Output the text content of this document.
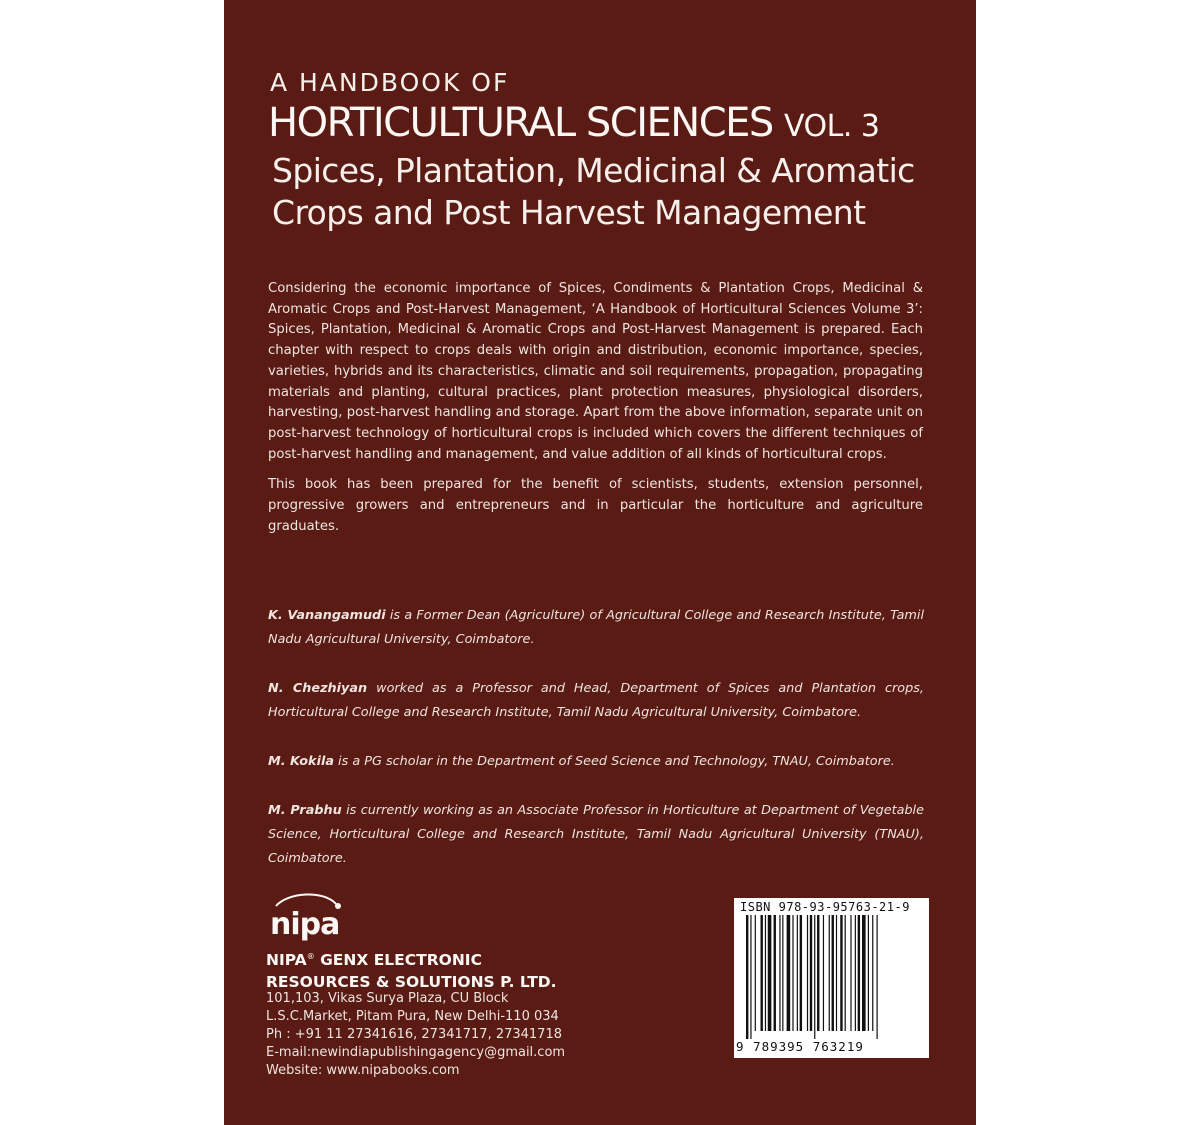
A HANDBOOK OF
HORTICULTURAL SCIENCES VOL. 3
Spices, Plantation, Medicinal & Aromatic
Crops and Post Harvest Management

Considering the economic importance of Spices, Condiments & Plantation Crops, Medicinal & Aromatic Crops and Post-Harvest Management, ‘A Handbook of Horticultural Sciences Volume 3’: Spices, Plantation, Medicinal & Aromatic Crops and Post-Harvest Management is prepared. Each chapter with respect to crops deals with origin and distribution, economic importance, species, varieties, hybrids and its characteristics, climatic and soil requirements, propagation, propagating materials and planting, cultural practices, plant protection measures, physiological disorders, harvesting, post-harvest handling and storage. Apart from the above information, separate unit on post-harvest technology of horticultural crops is included which covers the different techniques of post-harvest handling and management, and value addition of all kinds of horticultural crops.

This book has been prepared for the benefit of scientists, students, extension personnel, progressive growers and entrepreneurs and in particular the horticulture and agriculture graduates.

K. Vanangamudi is a Former Dean (Agriculture) of Agricultural College and Research Institute, Tamil Nadu Agricultural University, Coimbatore.
N. Chezhiyan worked as a Professor and Head, Department of Spices and Plantation crops, Horticultural College and Research Institute, Tamil Nadu Agricultural University, Coimbatore.
M. Kokila is a PG scholar in the Department of Seed Science and Technology, TNAU, Coimbatore.
M. Prabhu is currently working as an Associate Professor in Horticulture at Department of Vegetable Science, Horticultural College and Research Institute, Tamil Nadu Agricultural University (TNAU), Coimbatore.
nipa
NIPA® GENX ELECTRONIC
RESOURCES & SOLUTIONS P. LTD.
101,103, Vikas Surya Plaza, CU Block
L.S.C.Market, Pitam Pura, New Delhi-110 034
Ph : +91 11 27341616, 27341717, 27341718
E-mail:newindiapublishingagency@gmail.com
Website: www.nipabooks.com
ISBN 978-93-95763-21-9
9 789395 763219
